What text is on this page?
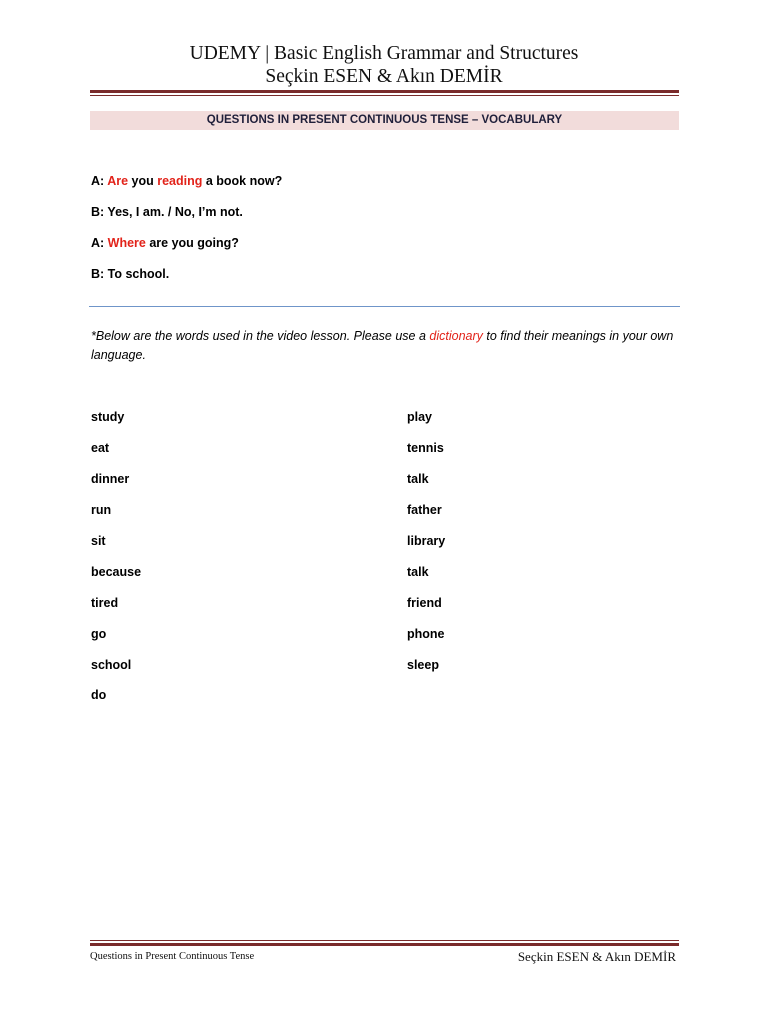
UDEMY | Basic English Grammar and Structures
Seçkin ESEN & Akın DEMİR
QUESTIONS IN PRESENT CONTINUOUS TENSE – VOCABULARY
A: Are you reading a book now?
B: Yes, I am. / No, I’m not.
A: Where are you going?
B: To school.
*Below are the words used in the video lesson. Please use a dictionary to find their meanings in your own language.
study
eat
dinner
run
sit
because
tired
go
school
do
play
tennis
talk
father
library
talk
friend
phone
sleep
Questions in Present Continuous Tense	Seçkin ESEN & Akın DEMİR
